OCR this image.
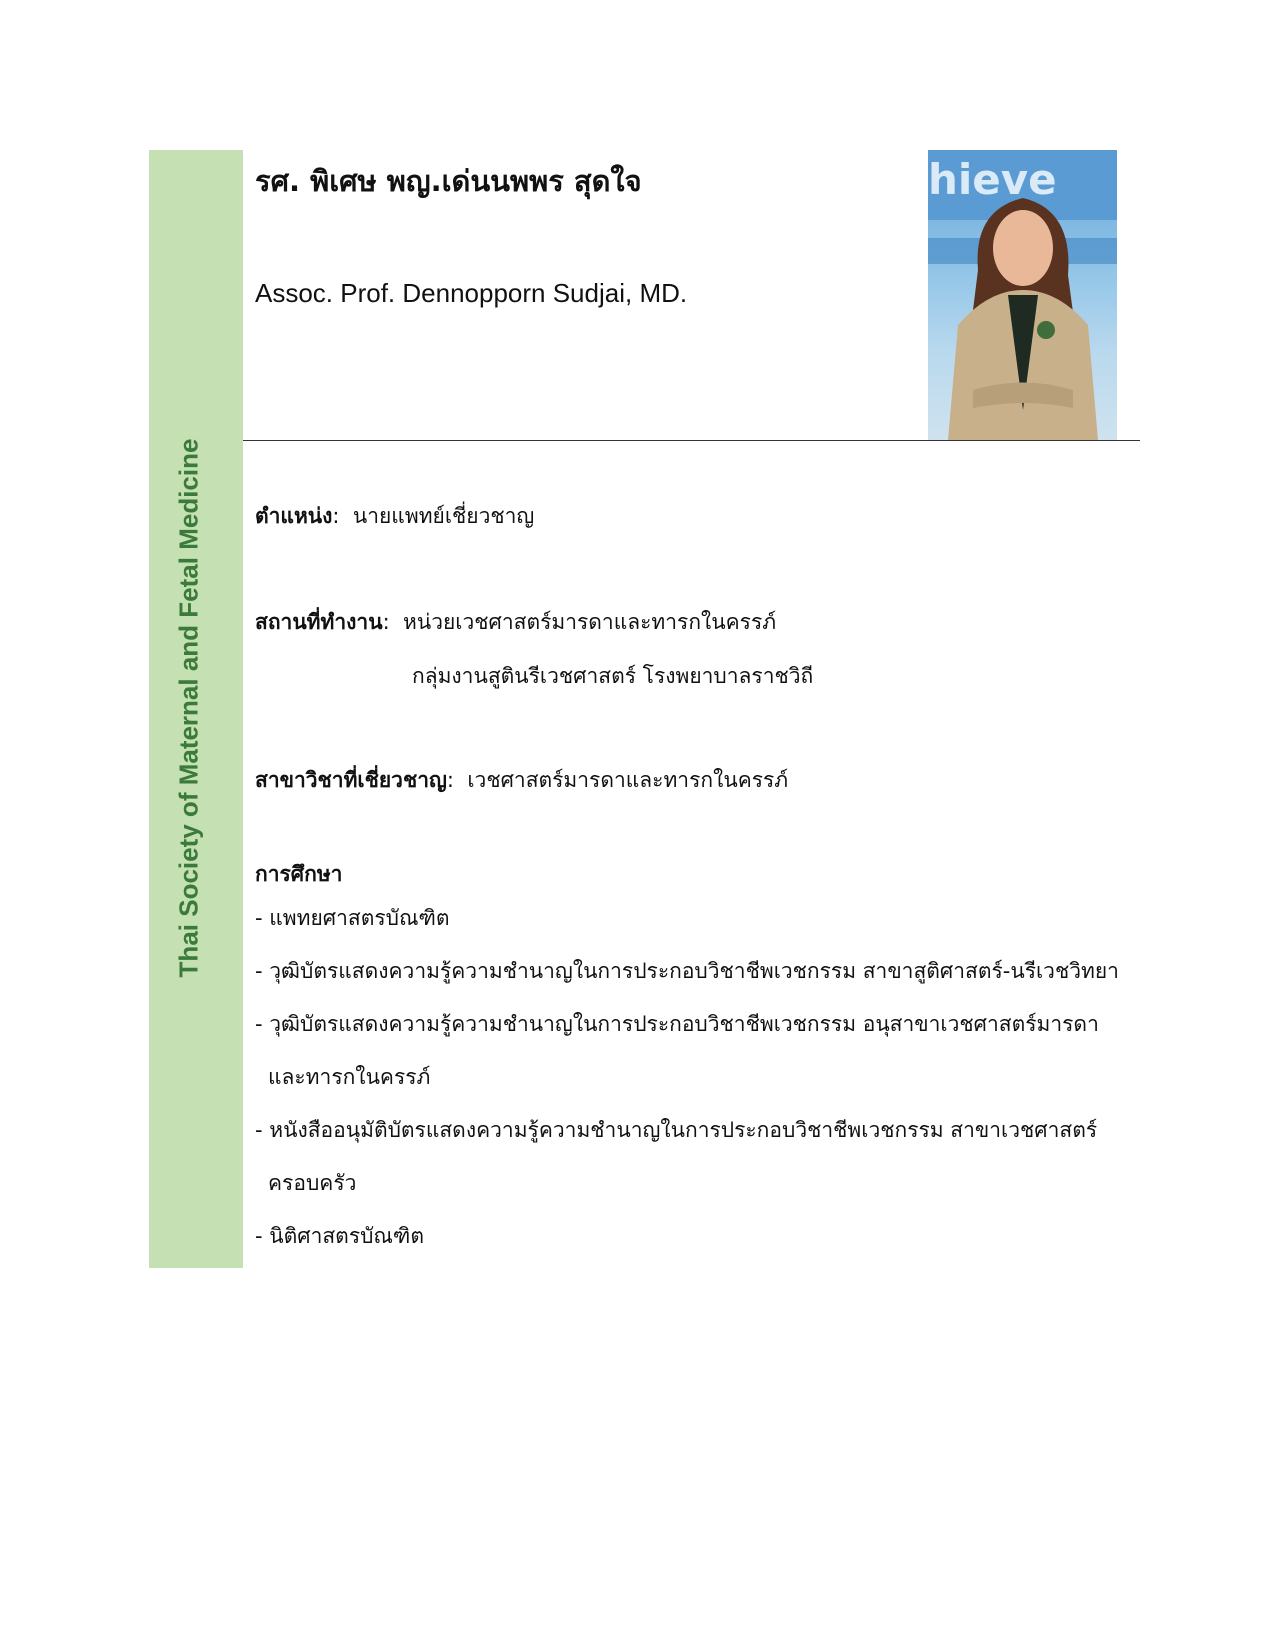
Thai Society of Maternal and Fetal Medicine
รศ. พิเศษ พญ.เด่นนพพร สุดใจ
Assoc. Prof. Dennopporn Sudjai, MD.
hieve
ตำแหน่ง:  นายแพทย์เชี่ยวชาญ
สถานที่ทำงาน:  หน่วยเวชศาสตร์มารดาและทารกในครรภ์
กลุ่มงานสูตินรีเวชศาสตร์ โรงพยาบาลราชวิถี
สาขาวิชาที่เชี่ยวชาญ:  เวชศาสตร์มารดาและทารกในครรภ์
การศึกษา
- แพทยศาสตรบัณฑิต
- วุฒิบัตรแสดงความรู้ความชำนาญในการประกอบวิชาชีพเวชกรรม สาขาสูติศาสตร์-นรีเวชวิทยา
- วุฒิบัตรแสดงความรู้ความชำนาญในการประกอบวิชาชีพเวชกรรม อนุสาขาเวชศาสตร์มารดา
และทารกในครรภ์
- หนังสืออนุมัติบัตรแสดงความรู้ความชำนาญในการประกอบวิชาชีพเวชกรรม สาขาเวชศาสตร์
ครอบครัว
- นิติศาสตรบัณฑิต
